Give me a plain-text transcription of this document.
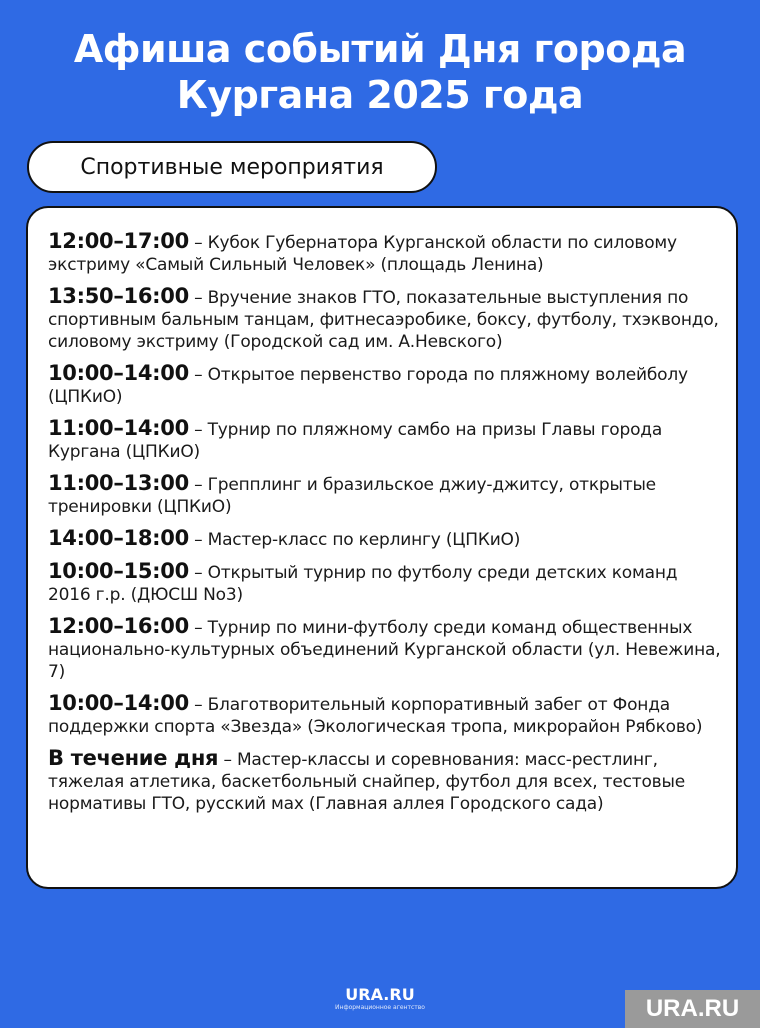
Афиша событий Дня города
Кургана 2025 года
Спортивные мероприятия
12:00–17:00 – Кубок Губернатора Курганской области по силовому экстриму «Самый Сильный Человек» (площадь Ленина)
13:50–16:00 – Вручение знаков ГТО, показательные выступления по спортивным бальным танцам, фитнесаэробике, боксу, футболу, тхэквондо, силовому экстриму (Городской сад им. А.Невского)
10:00–14:00 – Открытое первенство города по пляжному волейболу (ЦПКиО)
11:00–14:00 – Турнир по пляжному самбо на призы Главы города Кургана (ЦПКиО)
11:00–13:00 – Грепплинг и бразильское джиу-джитсу, открытые тренировки (ЦПКиО)
14:00–18:00 – Мастер-класс по керлингу (ЦПКиО)
10:00–15:00 – Открытый турнир по футболу среди детских команд 2016 г.р. (ДЮСШ No3)
12:00–16:00 – Турнир по мини-футболу среди команд общественных национально-культурных объединений Курганской области (ул. Невежина, 7)
10:00–14:00 – Благотворительный корпоративный забег от Фонда поддержки спорта «Звезда» (Экологическая тропа, микрорайон Рябково)
В течение дня – Мастер-классы и соревнования: масс-рестлинг, тяжелая атлетика, баскетбольный снайпер, футбол для всех, тестовые нормативы ГТО, русский мах (Главная аллея Городского сада)
URA.RU
Информационное агентство	URA.RU
